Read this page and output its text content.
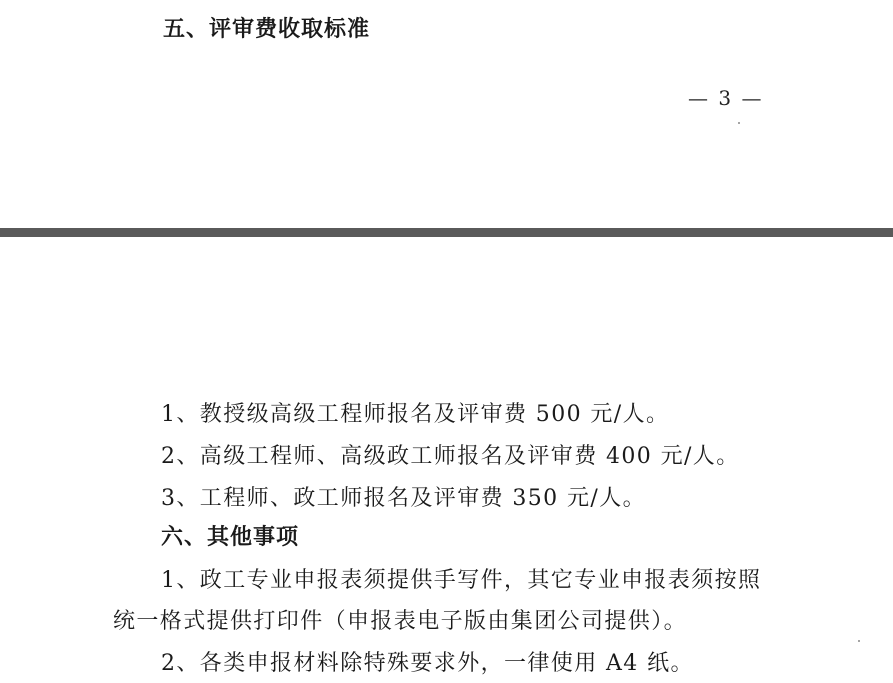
五、评审费收取标准
— 3 —
1、教授级高级工程师报名及评审费 500 元/人。
2、高级工程师、高级政工师报名及评审费 400 元/人。
3、工程师、政工师报名及评审费 350 元/人。
六、其他事项
1、政工专业申报表须提供手写件，其它专业申报表须按照
统一格式提供打印件（申报表电子版由集团公司提供）。
2、各类申报材料除特殊要求外，一律使用 A4 纸。
